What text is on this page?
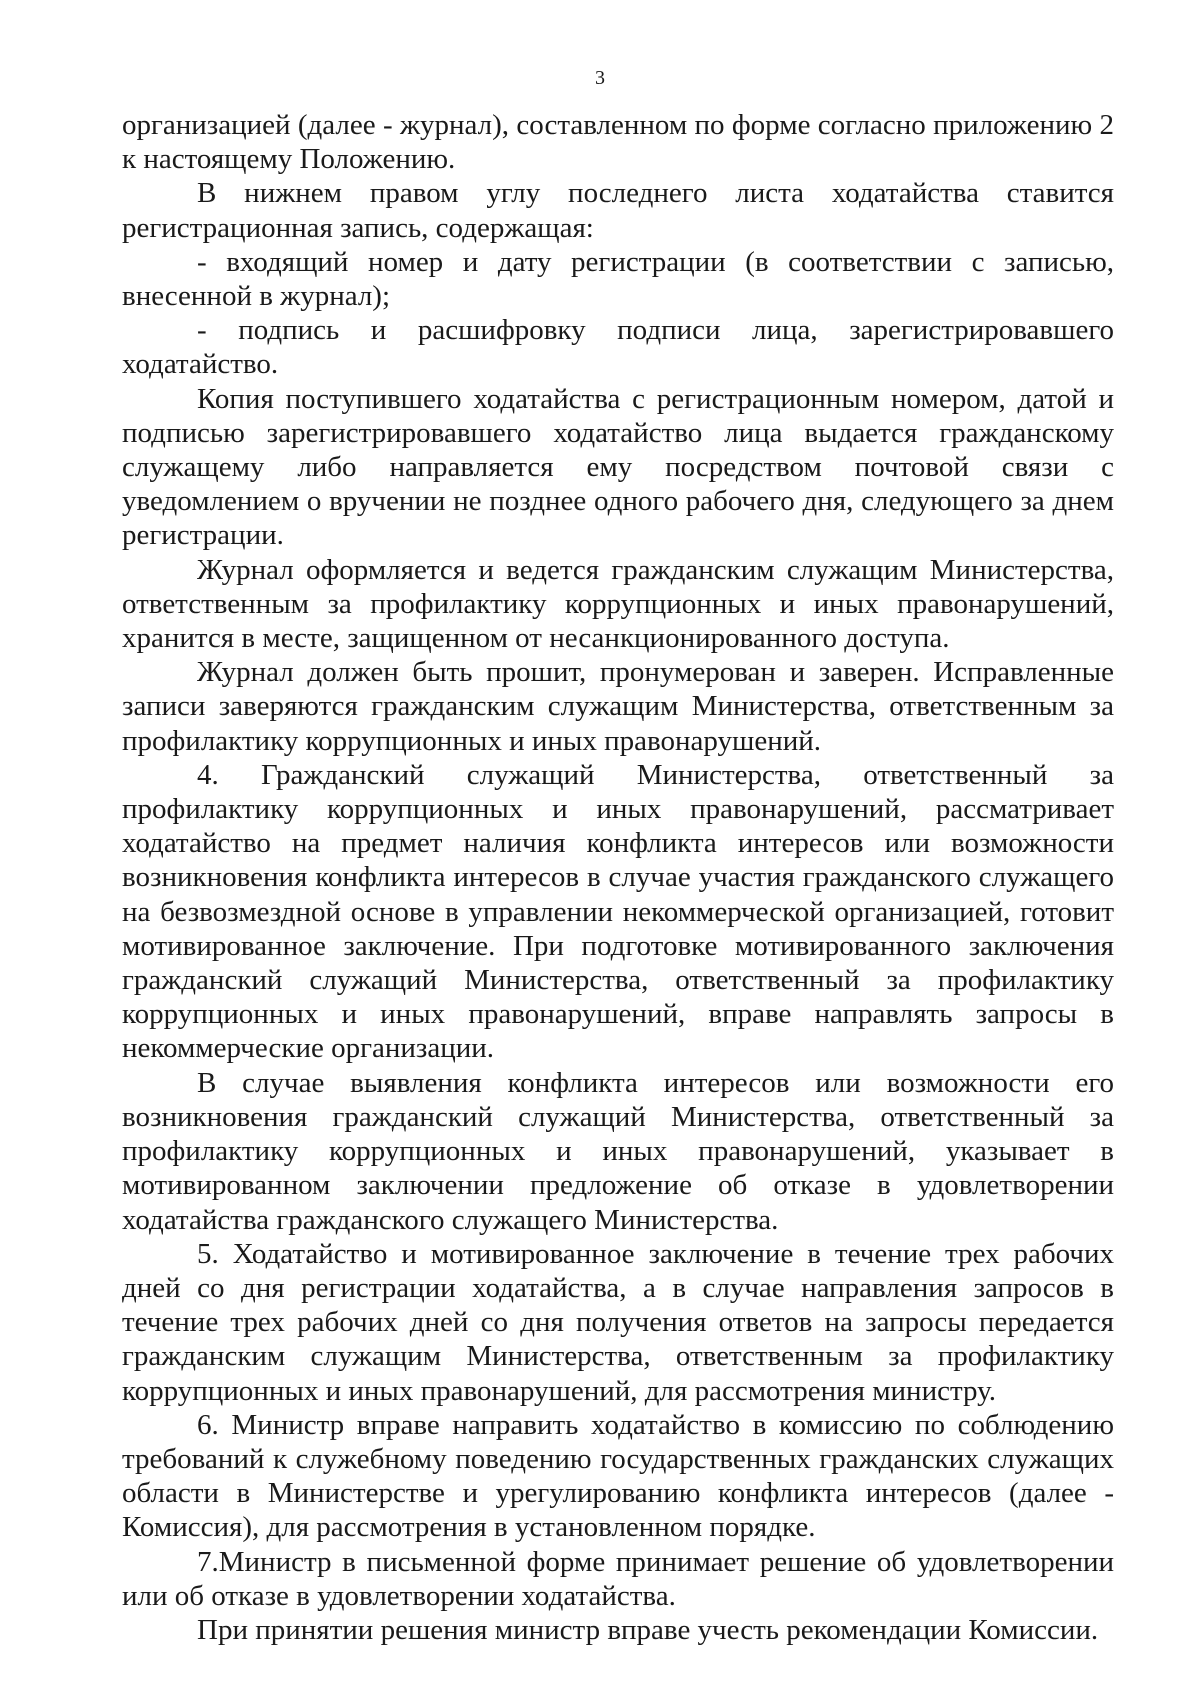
3

организацией (далее - журнал), составленном по форме согласно приложению 2 к настоящему Положению.

В нижнем правом углу последнего листа ходатайства ставится регистрационная запись, содержащая:

- входящий номер и дату регистрации (в соответствии с записью, внесенной в журнал);

- подпись и расшифровку подписи лица, зарегистрировавшего ходатайство.

Копия поступившего ходатайства с регистрационным номером, датой и подписью зарегистрировавшего ходатайство лица выдается гражданскому служащему либо направляется ему посредством почтовой связи с уведомлением о вручении не позднее одного рабочего дня, следующего за днем регистрации.

Журнал оформляется и ведется гражданским служащим Министерства, ответственным за профилактику коррупционных и иных правонарушений, хранится в месте, защищенном от несанкционированного доступа.

Журнал должен быть прошит, пронумерован и заверен. Исправленные записи заверяются гражданским служащим Министерства, ответственным за профилактику коррупционных и иных правонарушений.

4. Гражданский служащий Министерства, ответственный за профилактику коррупционных и иных правонарушений, рассматривает ходатайство на предмет наличия конфликта интересов или возможности возникновения конфликта интересов в случае участия гражданского служащего на безвозмездной основе в управлении некоммерческой организацией, готовит мотивированное заключение. При подготовке мотивированного заключения гражданский служащий Министерства, ответственный за профилактику коррупционных и иных правонарушений, вправе направлять запросы в некоммерческие организации.

В случае выявления конфликта интересов или возможности его возникновения гражданский служащий Министерства, ответственный за профилактику коррупционных и иных правонарушений, указывает в мотивированном заключении предложение об отказе в удовлетворении ходатайства гражданского служащего Министерства.

5. Ходатайство и мотивированное заключение в течение трех рабочих дней со дня регистрации ходатайства, а в случае направления запросов в течение трех рабочих дней со дня получения ответов на запросы передается гражданским служащим Министерства, ответственным за профилактику коррупционных и иных правонарушений, для рассмотрения министру.

6. Министр вправе направить ходатайство в комиссию по соблюдению требований к служебному поведению государственных гражданских служащих области в Министерстве и урегулированию конфликта интересов (далее - Комиссия), для рассмотрения в установленном порядке.

7.Министр в письменной форме принимает решение об удовлетворении или об отказе в удовлетворении ходатайства.

При принятии решения министр вправе учесть рекомендации Комиссии.
